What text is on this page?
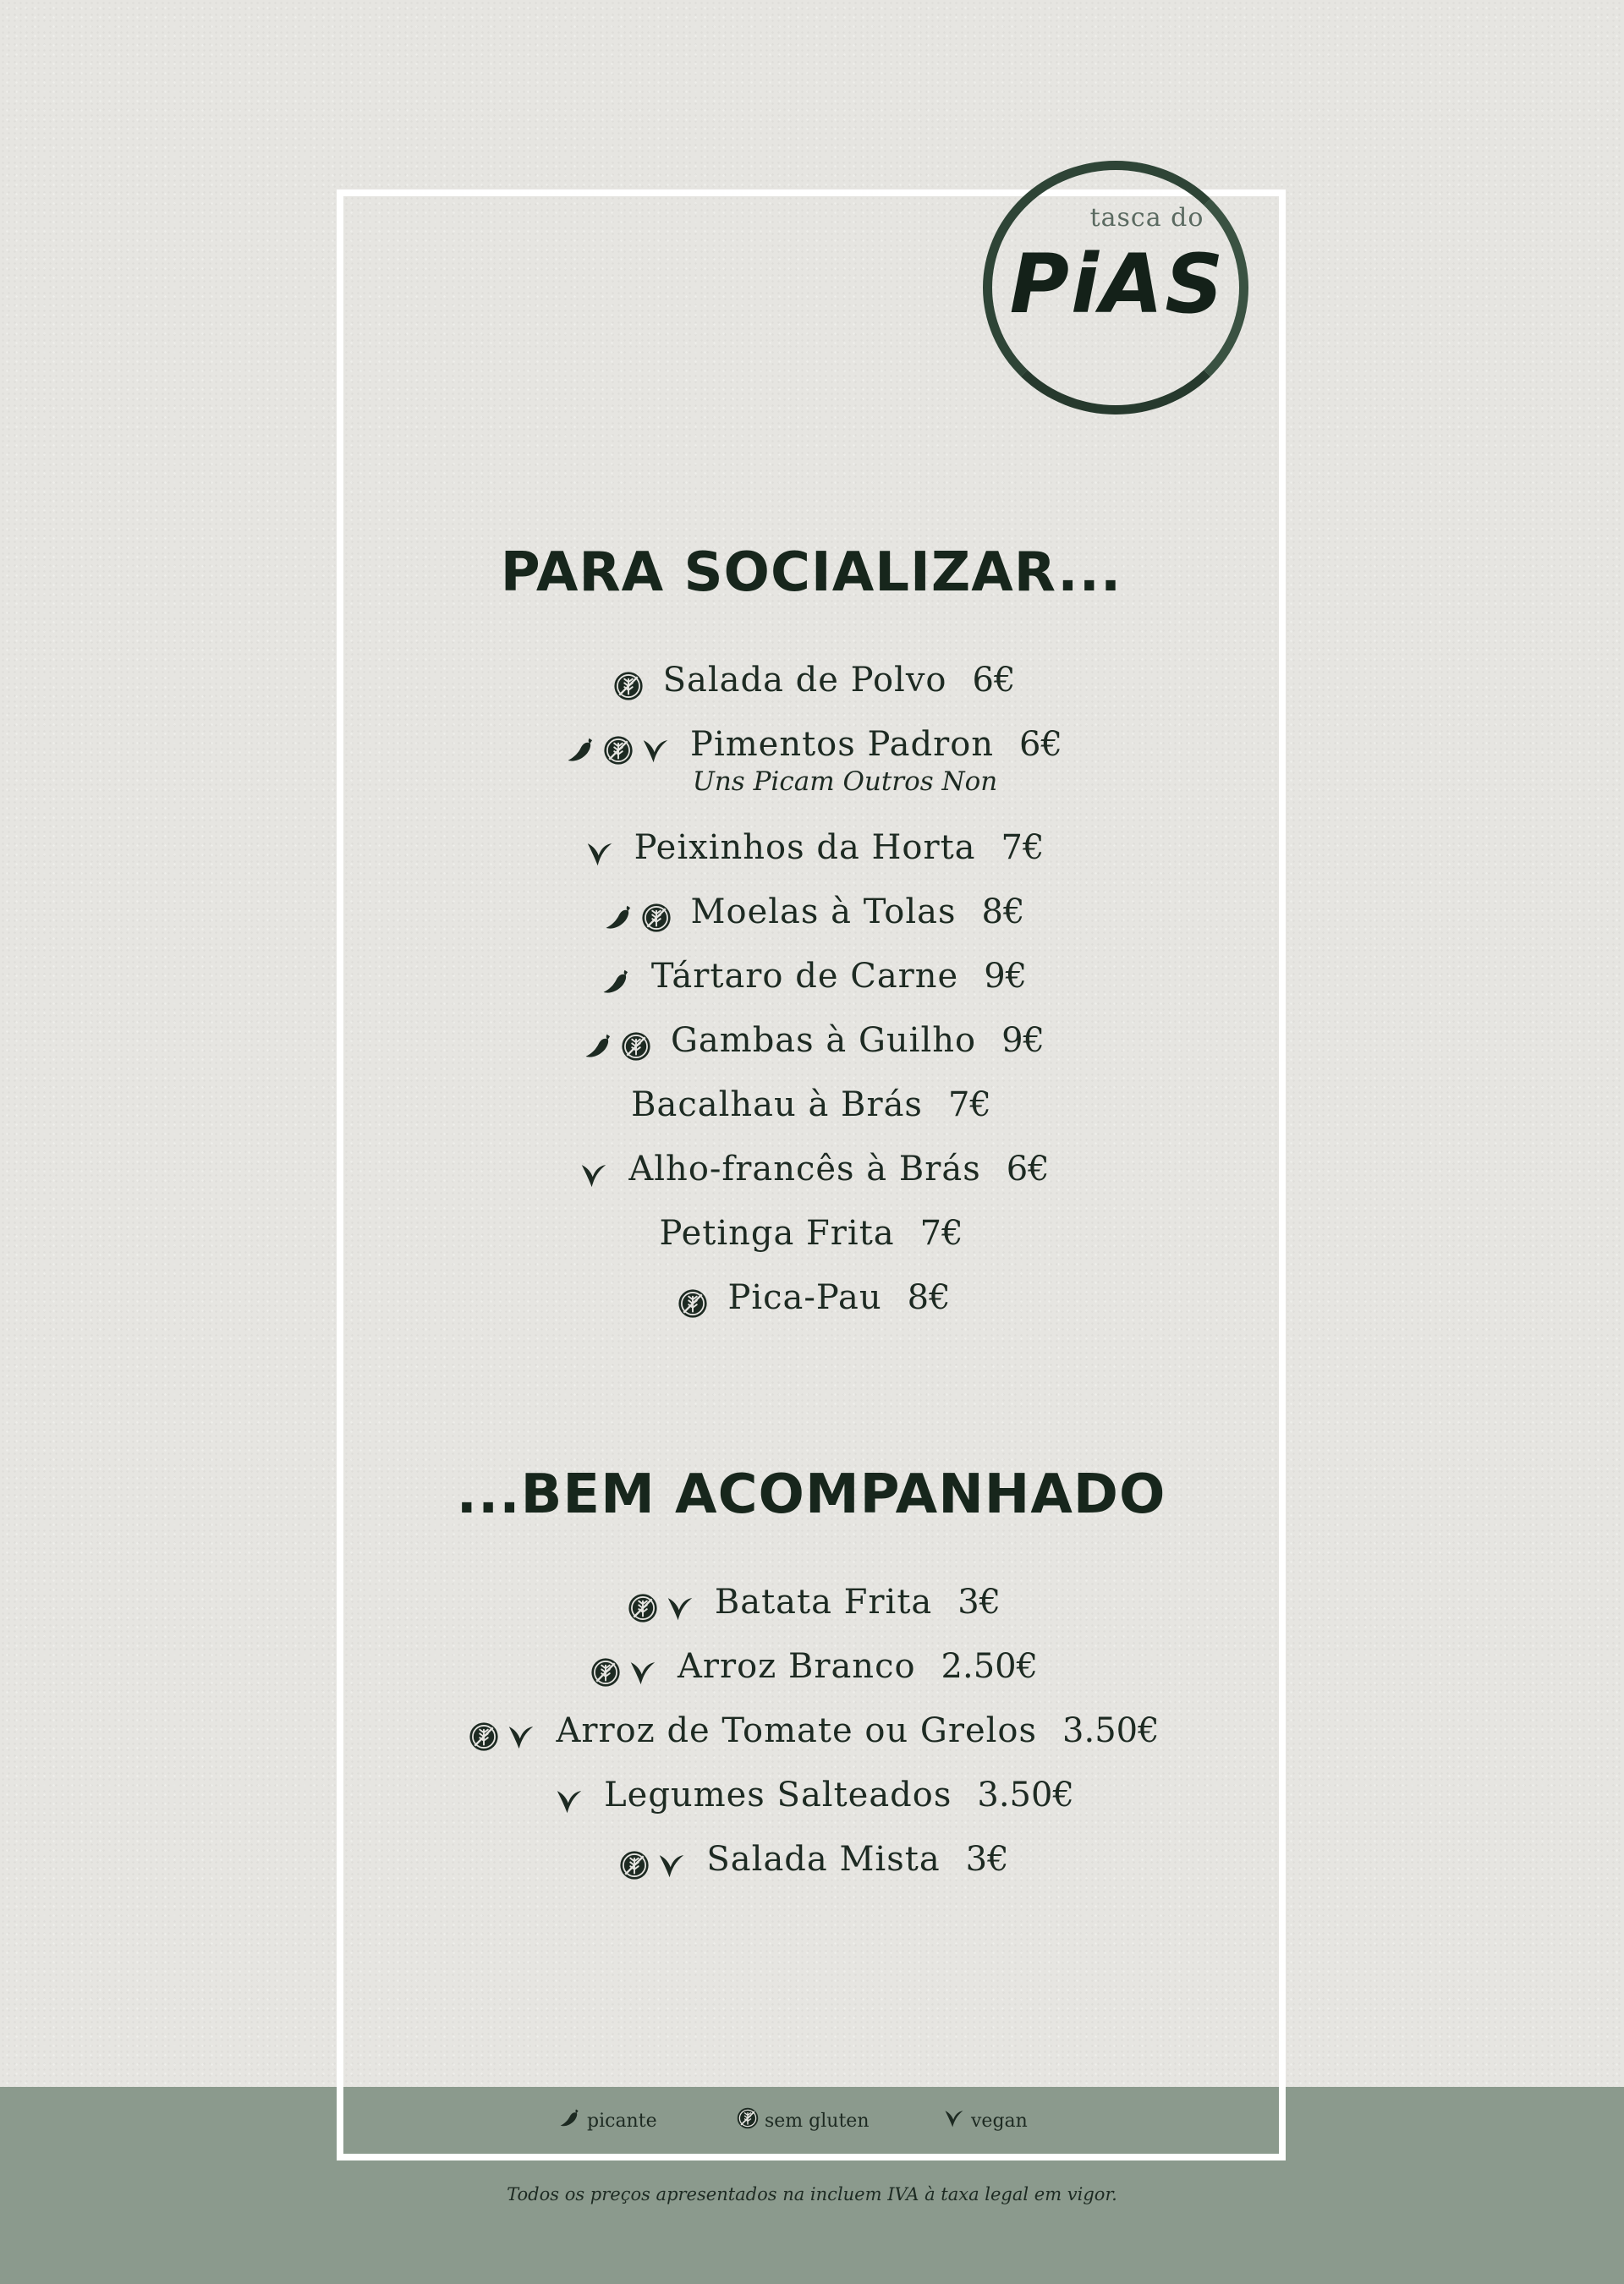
tasca do
PiAS
PARA SOCIALIZAR...
Salada de Polvo 6€
Pimentos Padron 6€
Uns Picam Outros Non
Peixinhos da Horta 7€
Moelas à Tolas 8€
Tártaro de Carne 9€
Gambas à Guilho 9€
Bacalhau à Brás 7€
Alho-francês à Brás 6€
Petinga Frita 7€
Pica-Pau 8€
...BEM ACOMPANHADO
Batata Frita 3€
Arroz Branco 2.50€
Arroz de Tomate ou Grelos 3.50€
Legumes Salteados 3.50€
Salada Mista 3€
picante	sem gluten	vegan
Todos os preços apresentados na incluem IVA à taxa legal em vigor.
